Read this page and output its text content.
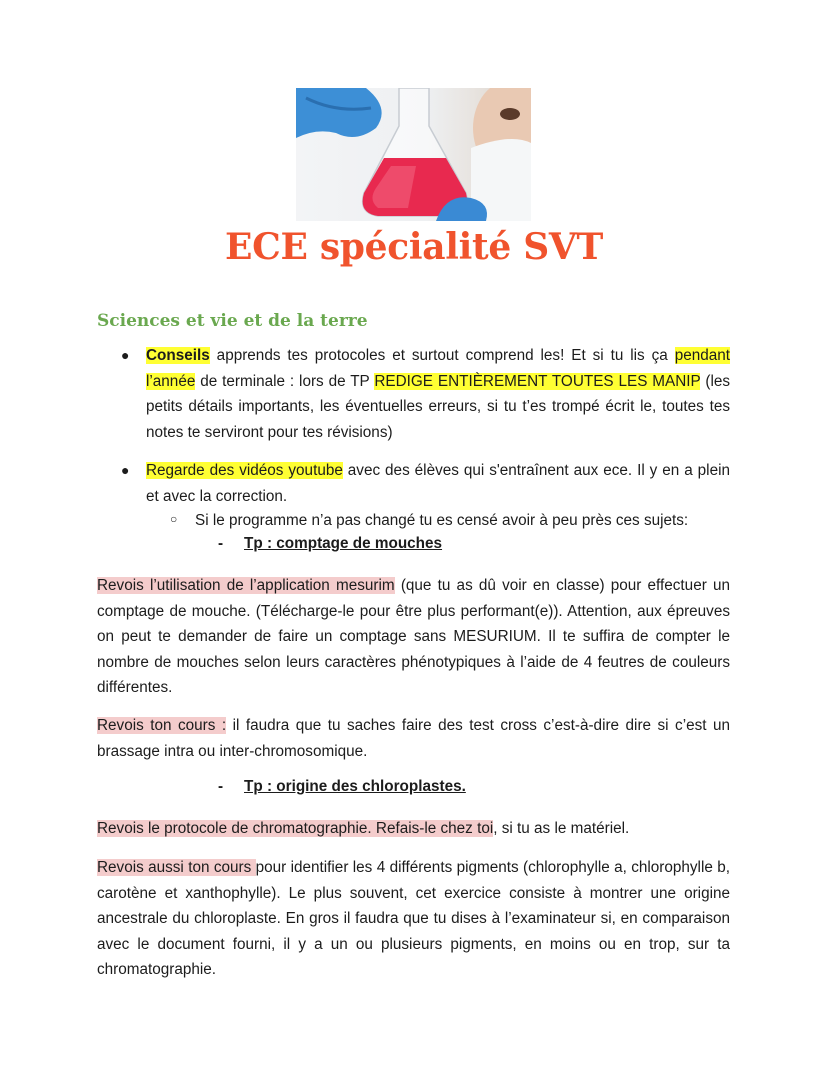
ECE spécialité SVT
Sciences et vie et de la terre
● Conseils apprends tes protocoles et surtout comprend les! Et si tu lis ça pendant l’année de terminale : lors de TP REDIGE ENTIÈREMENT TOUTES LES MANIP (les petits détails importants, les éventuelles erreurs, si tu t’es trompé écrit le, toutes tes notes te serviront pour tes révisions)

● Regarde des vidéos youtube avec des élèves qui s'entraînent aux ece. Il y en a plein et avec la correction.

○ Si le programme n’a pas changé tu es censé avoir à peu près ces sujets:

- Tp : comptage de mouches

Revois l’utilisation de l’application mesurim (que tu as dû voir en classe) pour effectuer un comptage de mouche. (Télécharge-le pour être plus performant(e)). Attention, aux épreuves on peut te demander de faire un comptage sans MESURIUM. Il te suffira de compter le nombre de mouches selon leurs caractères phénotypiques à l’aide de 4 feutres de couleurs différentes.

Revois ton cours : il faudra que tu saches faire des test cross c’est-à-dire dire si c’est un brassage intra ou inter-chromosomique.

- Tp : origine des chloroplastes.

Revois le protocole de chromatographie. Refais-le chez toi, si tu as le matériel.

Revois aussi ton cours pour identifier les 4 différents pigments (chlorophylle a, chlorophylle b, carotène et xanthophylle). Le plus souvent, cet exercice consiste à montrer une origine ancestrale du chloroplaste. En gros il faudra que tu dises à l’examinateur si, en comparaison avec le document fourni, il y a un ou plusieurs pigments, en moins ou en trop, sur ta chromatographie.
